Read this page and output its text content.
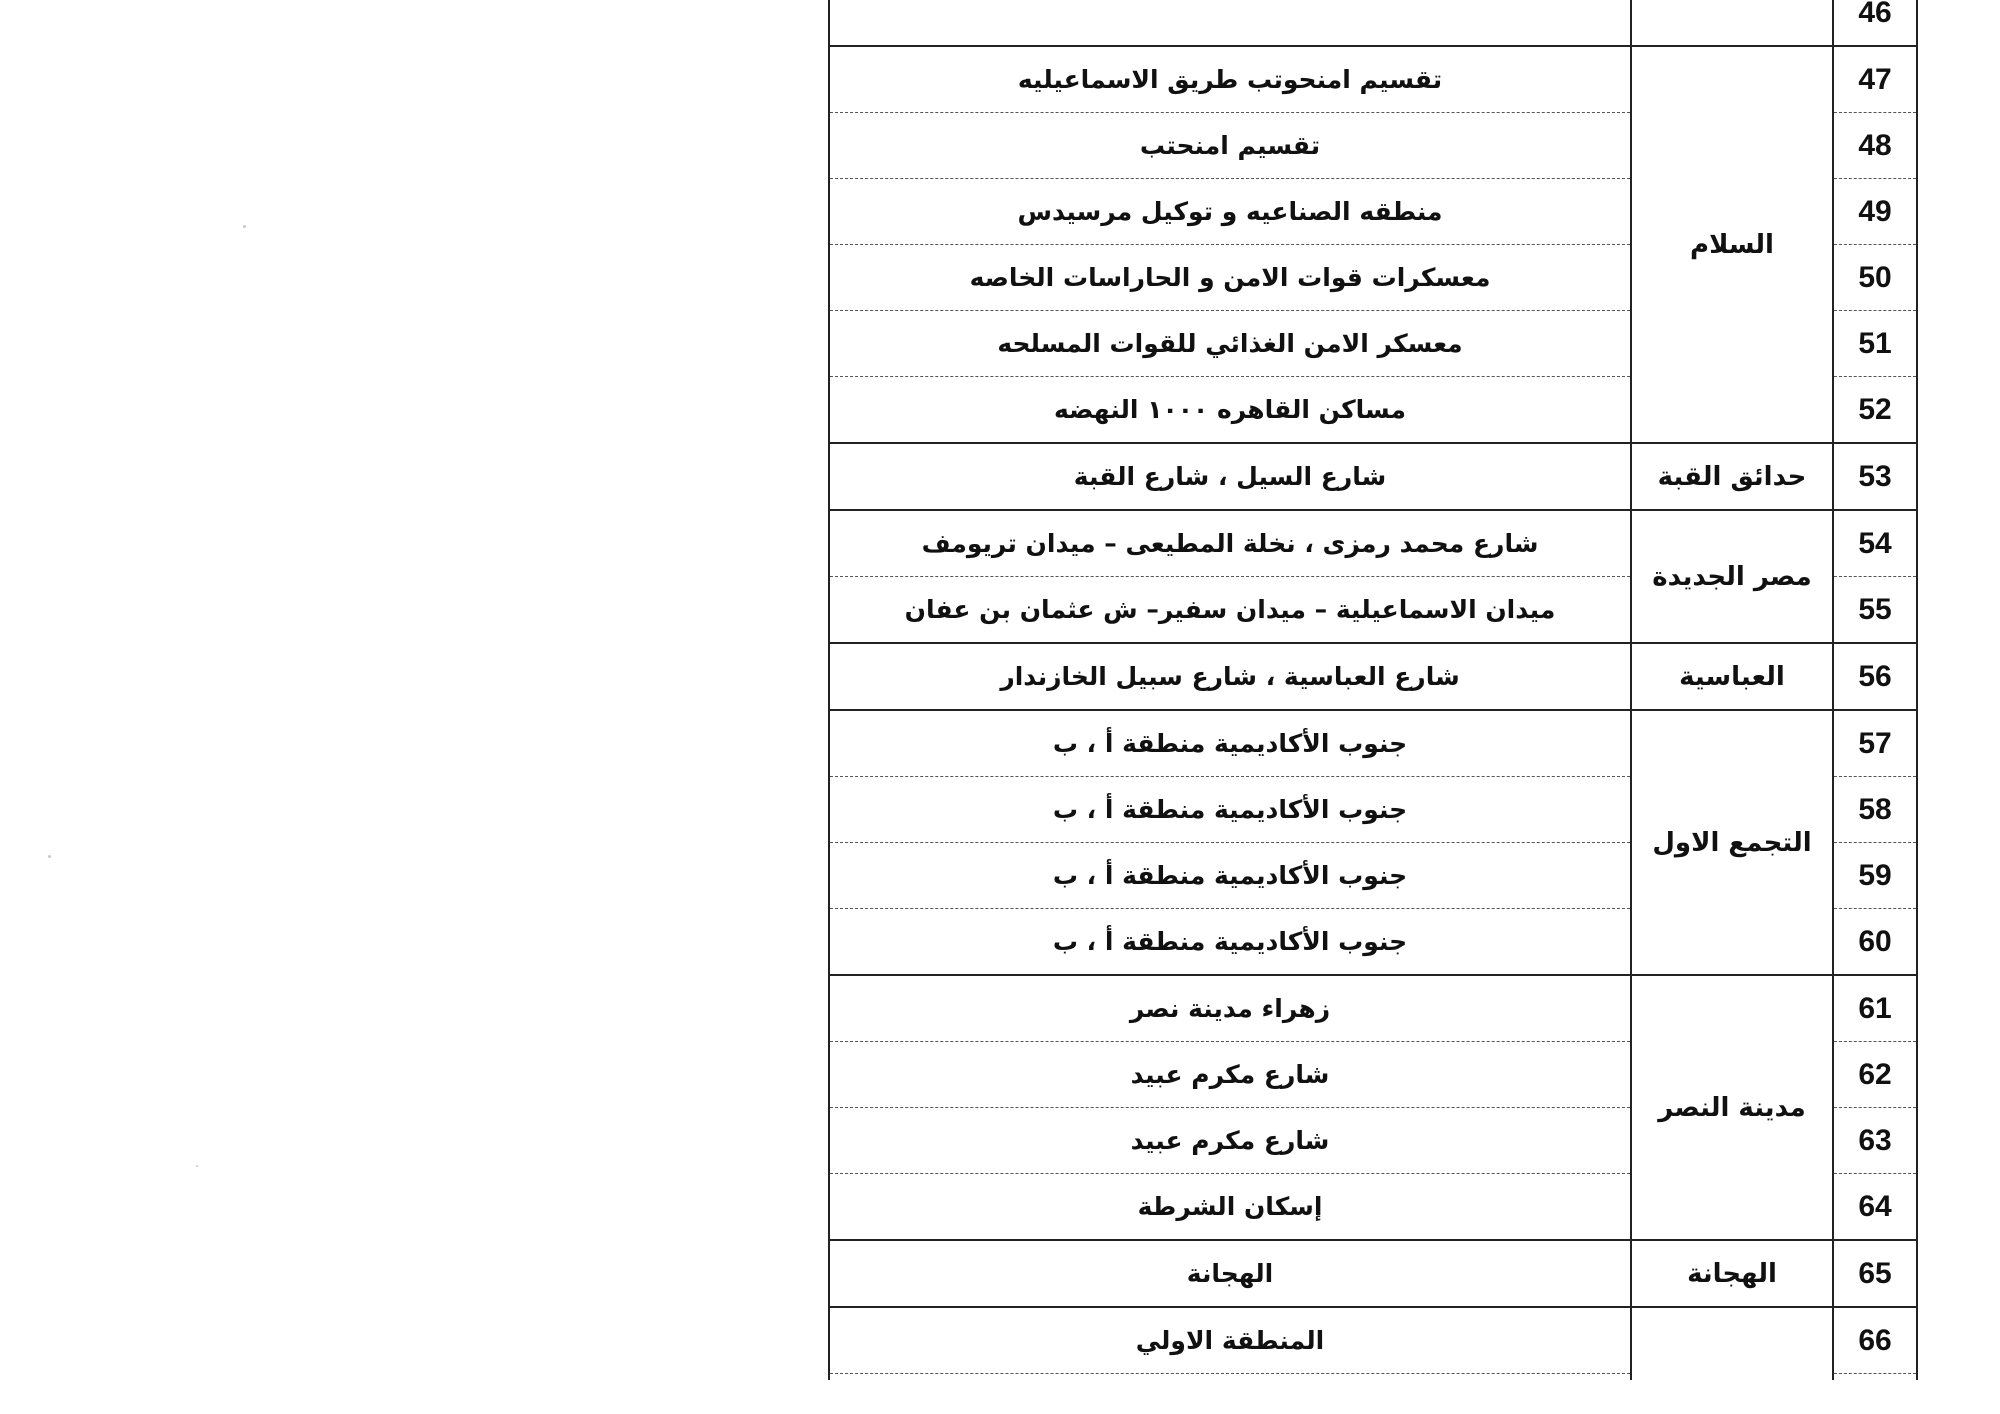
46		
47	السلام	تقسيم امنحوتب طريق الاسماعيليه
48		تقسيم امنحتب
49		منطقه الصناعيه و توكيل مرسيدس
50		معسكرات قوات الامن و الحاراسات الخاصه
51		معسكر الامن الغذائي للقوات المسلحه
52		مساكن القاهره ١٠٠٠ النهضه
53	حدائق القبة	شارع السيل ، شارع القبة
54	مصر الجديدة	شارع محمد رمزى ، نخلة المطيعى – ميدان تريومف
55		ميدان الاسماعيلية – ميدان سفير– ش عثمان بن عفان
56	العباسية	شارع العباسية ، شارع سبيل الخازندار
57	التجمع الاول	جنوب الأكاديمية منطقة أ ، ب
58		جنوب الأكاديمية منطقة أ ، ب
59		جنوب الأكاديمية منطقة أ ، ب
60		جنوب الأكاديمية منطقة أ ، ب
61	مدينة النصر	زهراء مدينة نصر
62		شارع مكرم عبيد
63		شارع مكرم عبيد
64		إسكان الشرطة
65	الهجانة	الهجانة
66		المنطقة الاولي
